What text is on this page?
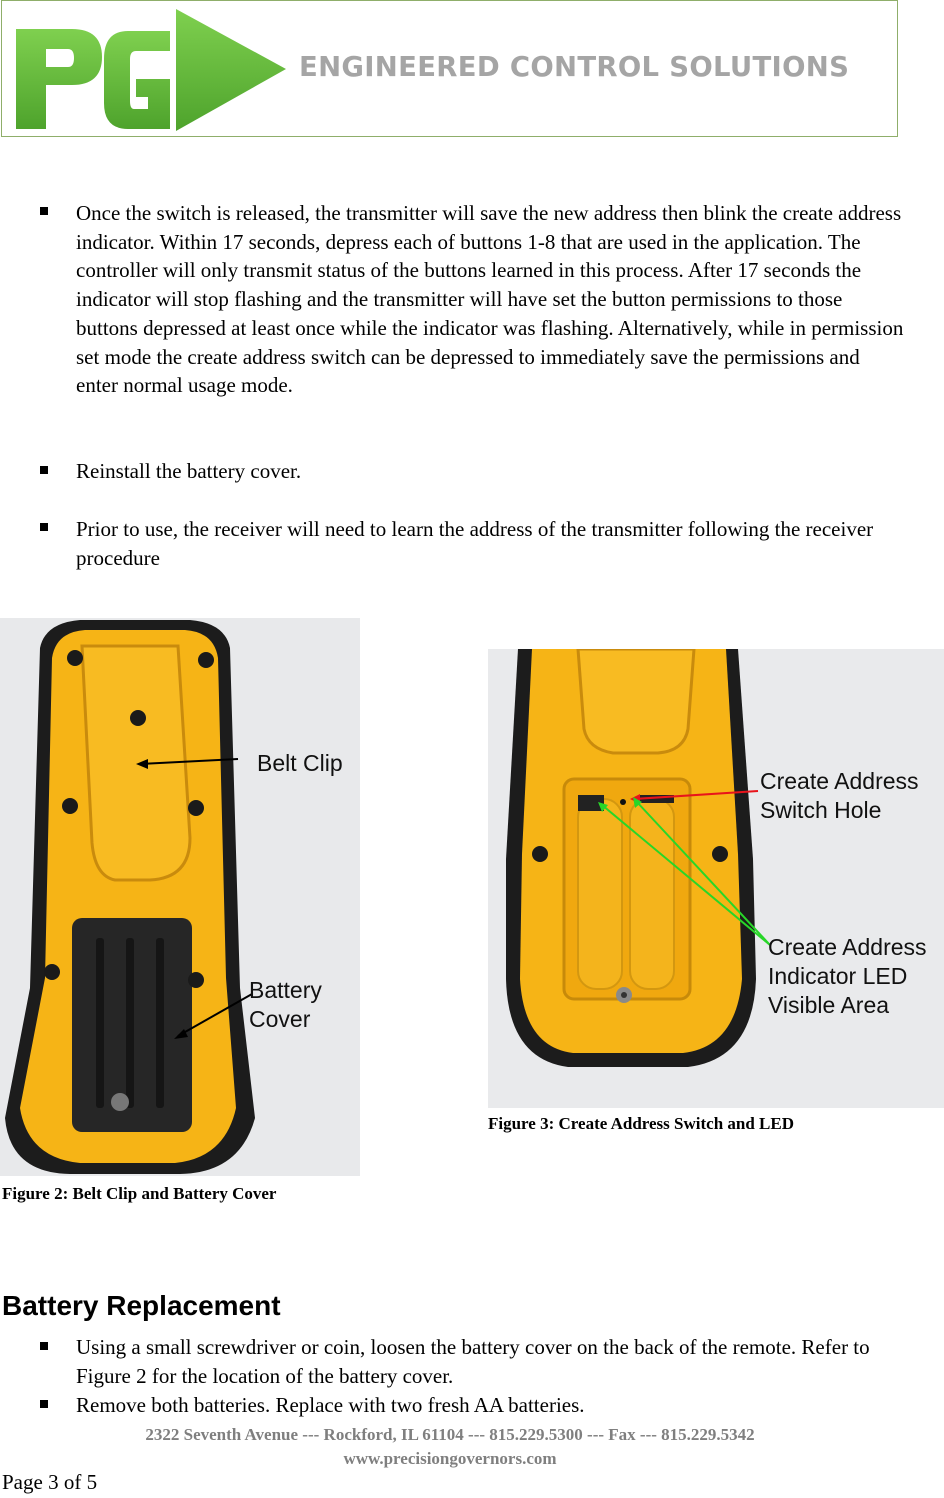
ENGINEERED CONTROL SOLUTIONS
Once the switch is released, the transmitter will save the new address then blink the create address indicator. Within 17 seconds, depress each of buttons 1-8 that are used in the application. The controller will only transmit status of the buttons learned in this process. After 17 seconds the indicator will stop flashing and the transmitter will have set the button permissions to those buttons depressed at least once while the indicator was flashing. Alternatively, while in permission set mode the create address switch can be depressed to immediately save the permissions and enter normal usage mode.
Reinstall the battery cover.
Prior to use, the receiver will need to learn the address of the transmitter following the receiver procedure
Belt Clip
Battery
Cover
Figure 2: Belt Clip and Battery Cover
Create Address
Switch Hole
Create Address
Indicator LED
Visible Area
Figure 3: Create Address Switch and LED
Battery Replacement
Using a small screwdriver or coin, loosen the battery cover on the back of the remote. Refer to Figure 2 for the location of the battery cover.
Remove both batteries. Replace with two fresh AA batteries.
2322 Seventh Avenue --- Rockford, IL 61104 --- 815.229.5300 --- Fax --- 815.229.5342
www.precisiongovernors.com
Page 3 of 5
